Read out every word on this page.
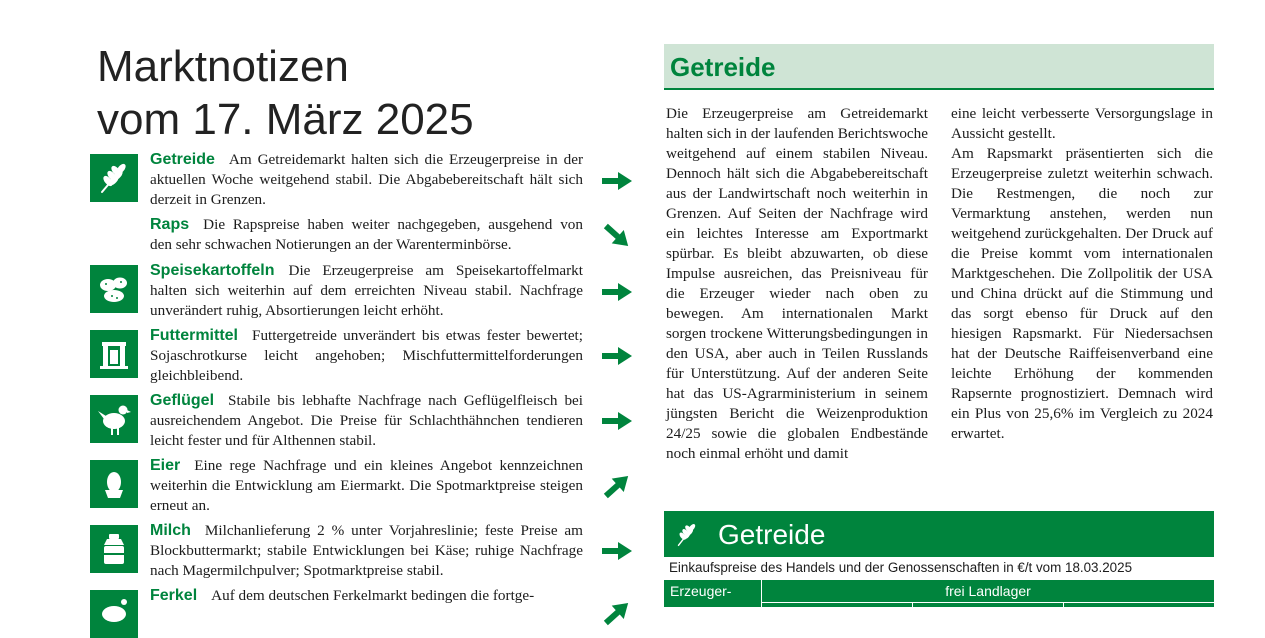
Marktnotizen
vom 17. März 2025
Getreide Am Getreidemarkt halten sich die Erzeugerpreise in der aktuellen Woche weitgehend stabil. Die Abgabebereitschaft hält sich derzeit in Grenzen.
Raps Die Rapspreise haben weiter nachgegeben, ausgehend von den sehr schwachen Notierungen an der Warenterminbörse.
Speisekartoffeln Die Erzeugerpreise am Speisekartoffelmarkt halten sich weiterhin auf dem erreichten Niveau stabil. Nachfrage unverändert ruhig, Absortierungen leicht erhöht.
Futtermittel Futtergetreide unverändert bis etwas fester bewertet; Sojaschrotkurse leicht angehoben; Mischfuttermittelforderungen gleichbleibend.
Geflügel Stabile bis lebhafte Nachfrage nach Geflügelfleisch bei ausreichendem Angebot. Die Preise für Schlachthähnchen tendieren leicht fester und für Althennen stabil.
Eier Eine rege Nachfrage und ein kleines Angebot kennzeichnen weiterhin die Entwicklung am Eiermarkt. Die Spotmarktpreise steigen erneut an.
Milch Milchanlieferung 2 % unter Vorjahreslinie; feste Preise am Blockbuttermarkt; stabile Entwicklungen bei Käse; ruhige Nachfrage nach Magermilchpulver; Spotmarktpreise stabil.
Ferkel Auf dem deutschen Ferkelmarkt bedingen die fortge-
Getreide

Die Erzeugerpreise am Getreidemarkt halten sich in der laufenden Berichtswoche weitgehend auf einem stabilen Niveau. Dennoch hält sich die Abgabebereitschaft aus der Landwirtschaft noch weiterhin in Grenzen. Auf Seiten der Nachfrage wird ein leichtes Interesse am Exportmarkt spürbar. Es bleibt abzuwarten, ob diese Impulse ausreichen, das Preisniveau für die Erzeuger wieder nach oben zu bewegen. Am internationalen Markt sorgen trockene Witterungsbedingungen in den USA, aber auch in Teilen Russlands für Unterstützung. Auf der anderen Seite hat das US-Agrarministerium in seinem jüngsten Bericht die Weizenproduktion 24/25 sowie die globalen Endbestände noch einmal erhöht und damit

eine leicht verbesserte Versorgungslage in Aussicht gestellt.

Am Rapsmarkt präsentierten sich die Erzeugerpreise zuletzt weiterhin schwach. Die Restmengen, die noch zur Vermarktung anstehen, werden nun weitgehend zurückgehalten. Der Druck auf die Preise kommt vom internationalen Marktgeschehen. Die Zollpolitik der USA und China drückt auf die Stimmung und das sorgt ebenso für Druck auf den hiesigen Rapsmarkt. Für Niedersachsen hat der Deutsche Raiffeisenverband eine leichte Erhöhung der kommenden Rapsernte prognostiziert. Demnach wird ein Plus von 25,6% im Vergleich zu 2024 erwartet.

Getreide
Einkaufspreise des Handels und der Genossenschaften in €/t vom 18.03.2025
Erzeuger-	frei Landlager
